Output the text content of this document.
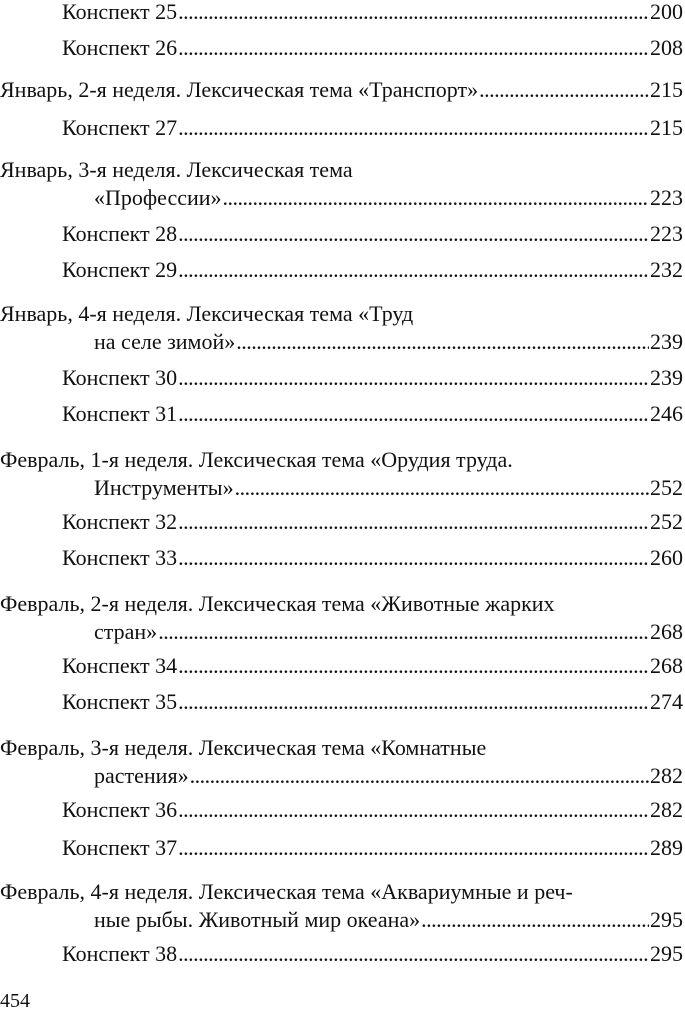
Конспект 25 . . .	200
Конспект 26 . . .	208
Январь, 2-я неделя. Лексическая тема «Транспорт» . . .	215
Конспект 27 . . .	215
Январь, 3-я неделя. Лексическая тема
«Профессии» . . .	223
Конспект 28 . . .	223
Конспект 29 . . .	232
Январь, 4-я неделя. Лексическая тема «Труд
на селе зимой» . . .	239
Конспект 30 . . .	239
Конспект 31 . . .	246
Февраль, 1-я неделя. Лексическая тема «Орудия труда.
Инструменты» . . .	252
Конспект 32 . . .	252
Конспект 33 . . .	260
Февраль, 2-я неделя. Лексическая тема «Животные жарких
стран» . . .	268
Конспект 34 . . .	268
Конспект 35 . . .	274
Февраль, 3-я неделя. Лексическая тема «Комнатные
растения» . . .	282
Конспект 36 . . .	282
Конспект 37 . . .	289
Февраль, 4-я неделя. Лексическая тема «Аквариумные и реч-
ные рыбы. Животный мир океана» . . .	295
Конспект 38 . . .	295
454
